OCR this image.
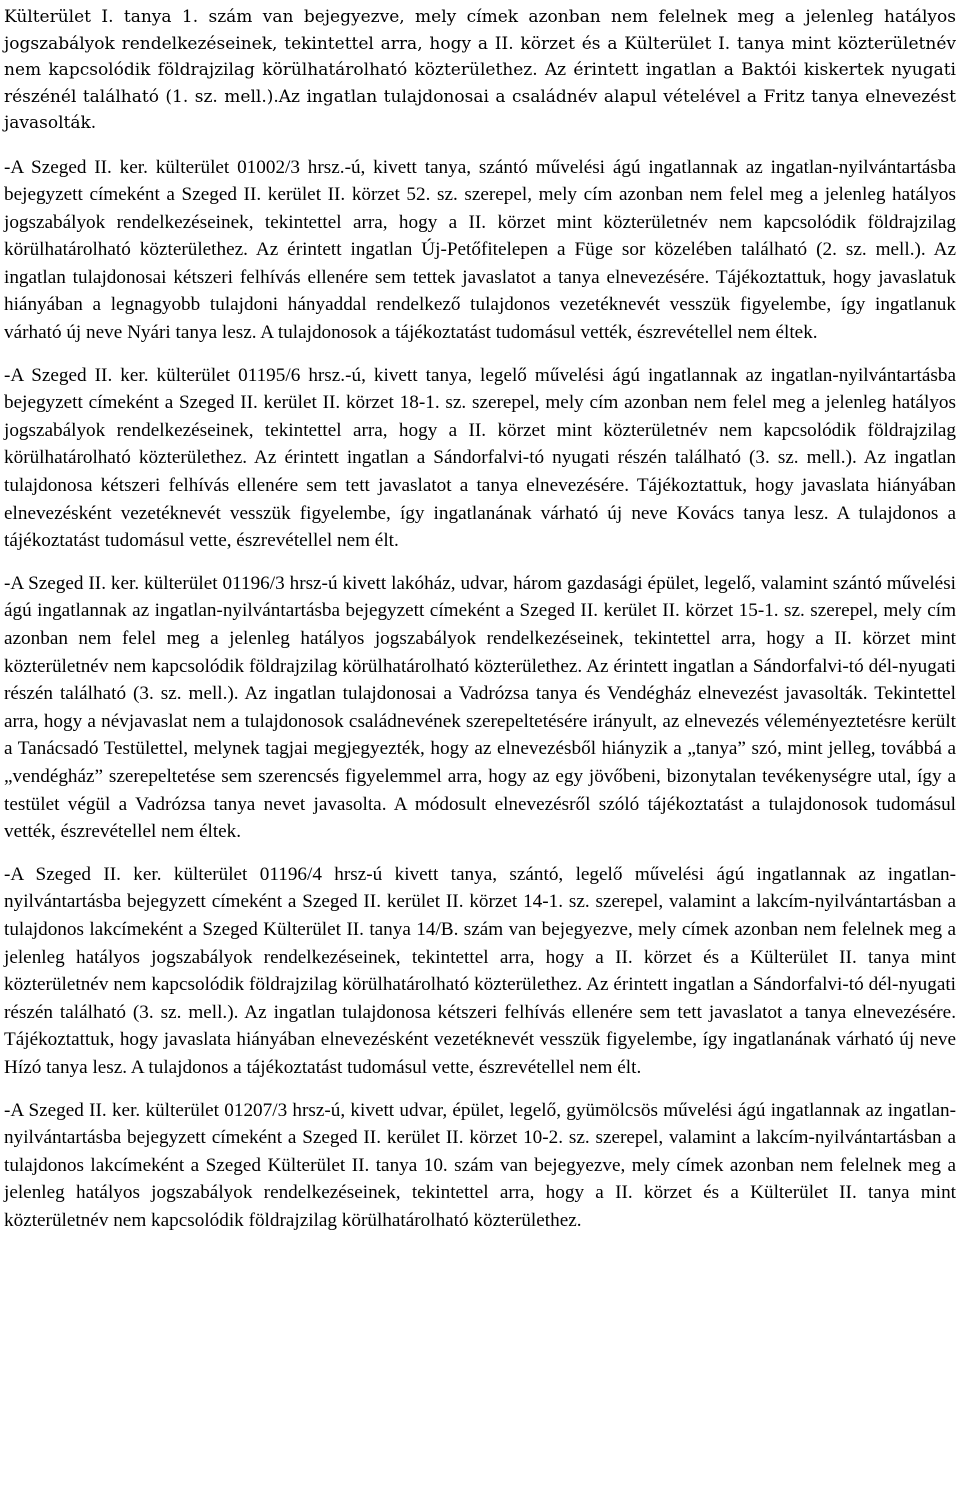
Külterület I. tanya 1. szám van bejegyezve, mely címek azonban nem felelnek meg a jelenleg hatályos jogszabályok rendelkezéseinek, tekintettel arra, hogy a II. körzet és a Külterület I. tanya mint közterületnév nem kapcsolódik földrajzilag körülhatárolható közterülethez. Az érintett ingatlan a Baktói kiskertek nyugati részénél található (1. sz. mell.).Az ingatlan tulajdonosai a családnév alapul vételével a Fritz tanya elnevezést javasolták.

-A Szeged II. ker. külterület 01002/3 hrsz.-ú, kivett tanya, szántó művelési ágú ingatlannak az ingatlan-nyilvántartásba bejegyzett címeként a Szeged II. kerület II. körzet 52. sz. szerepel, mely cím azonban nem felel meg a jelenleg hatályos jogszabályok rendelkezéseinek, tekintettel arra, hogy a II. körzet mint közterületnév nem kapcsolódik földrajzilag körülhatárolható közterülethez. Az érintett ingatlan Új-Petőfitelepen a Füge sor közelében található (2. sz. mell.). Az ingatlan tulajdonosai kétszeri felhívás ellenére sem tettek javaslatot a tanya elnevezésére. Tájékoztattuk, hogy javaslatuk hiányában a legnagyobb tulajdoni hányaddal rendelkező tulajdonos vezetéknevét vesszük figyelembe, így ingatlanuk várható új neve Nyári tanya lesz. A tulajdonosok a tájékoztatást tudomásul vették, észrevétellel nem éltek.

-A Szeged II. ker. külterület 01195/6 hrsz.-ú, kivett tanya, legelő művelési ágú ingatlannak az ingatlan-nyilvántartásba bejegyzett címeként a Szeged II. kerület II. körzet 18-1. sz. szerepel, mely cím azonban nem felel meg a jelenleg hatályos jogszabályok rendelkezéseinek, tekintettel arra, hogy a II. körzet mint közterületnév nem kapcsolódik földrajzilag körülhatárolható közterülethez. Az érintett ingatlan a Sándorfalvi-tó nyugati részén található (3. sz. mell.). Az ingatlan tulajdonosa kétszeri felhívás ellenére sem tett javaslatot a tanya elnevezésére. Tájékoztattuk, hogy javaslata hiányában elnevezésként vezetéknevét vesszük figyelembe, így ingatlanának várható új neve Kovács tanya lesz. A tulajdonos a tájékoztatást tudomásul vette, észrevétellel nem élt.

-A Szeged II. ker. külterület 01196/3 hrsz-ú kivett lakóház, udvar, három gazdasági épület, legelő, valamint szántó művelési ágú ingatlannak az ingatlan-nyilvántartásba bejegyzett címeként a Szeged II. kerület II. körzet 15-1. sz. szerepel, mely cím azonban nem felel meg a jelenleg hatályos jogszabályok rendelkezéseinek, tekintettel arra, hogy a II. körzet mint közterületnév nem kapcsolódik földrajzilag körülhatárolható közterülethez. Az érintett ingatlan a Sándorfalvi-tó dél-nyugati részén található (3. sz. mell.). Az ingatlan tulajdonosai a Vadrózsa tanya és Vendégház elnevezést javasolták. Tekintettel arra, hogy a névjavaslat nem a tulajdonosok családnevének szerepeltetésére irányult, az elnevezés véleményeztetésre került a Tanácsadó Testülettel, melynek tagjai megjegyezték, hogy az elnevezésből hiányzik a „tanya” szó, mint jelleg, továbbá a „vendégház” szerepeltetése sem szerencsés figyelemmel arra, hogy az egy jövőbeni, bizonytalan tevékenységre utal, így a testület végül a Vadrózsa tanya nevet javasolta. A módosult elnevezésről szóló tájékoztatást a tulajdonosok tudomásul vették, észrevétellel nem éltek.

-A Szeged II. ker. külterület 01196/4 hrsz-ú kivett tanya, szántó, legelő művelési ágú ingatlannak az ingatlan-nyilvántartásba bejegyzett címeként a Szeged II. kerület II. körzet 14-1. sz. szerepel, valamint a lakcím-nyilvántartásban a tulajdonos lakcímeként a Szeged Külterület II. tanya 14/B. szám van bejegyezve, mely címek azonban nem felelnek meg a jelenleg hatályos jogszabályok rendelkezéseinek, tekintettel arra, hogy a II. körzet és a Külterület II. tanya mint közterületnév nem kapcsolódik földrajzilag körülhatárolható közterülethez. Az érintett ingatlan a Sándorfalvi-tó dél-nyugati részén található (3. sz. mell.). Az ingatlan tulajdonosa kétszeri felhívás ellenére sem tett javaslatot a tanya elnevezésére. Tájékoztattuk, hogy javaslata hiányában elnevezésként vezetéknevét vesszük figyelembe, így ingatlanának várható új neve Hízó tanya lesz. A tulajdonos a tájékoztatást tudomásul vette, észrevétellel nem élt.

-A Szeged II. ker. külterület 01207/3 hrsz-ú, kivett udvar, épület, legelő, gyümölcsös művelési ágú ingatlannak az ingatlan-nyilvántartásba bejegyzett címeként a Szeged II. kerület II. körzet 10-2. sz. szerepel, valamint a lakcím-nyilvántartásban a tulajdonos lakcímeként a Szeged Külterület II. tanya 10. szám van bejegyezve, mely címek azonban nem felelnek meg a jelenleg hatályos jogszabályok rendelkezéseinek, tekintettel arra, hogy a II. körzet és a Külterület II. tanya mint közterületnév nem kapcsolódik földrajzilag körülhatárolható közterülethez.
